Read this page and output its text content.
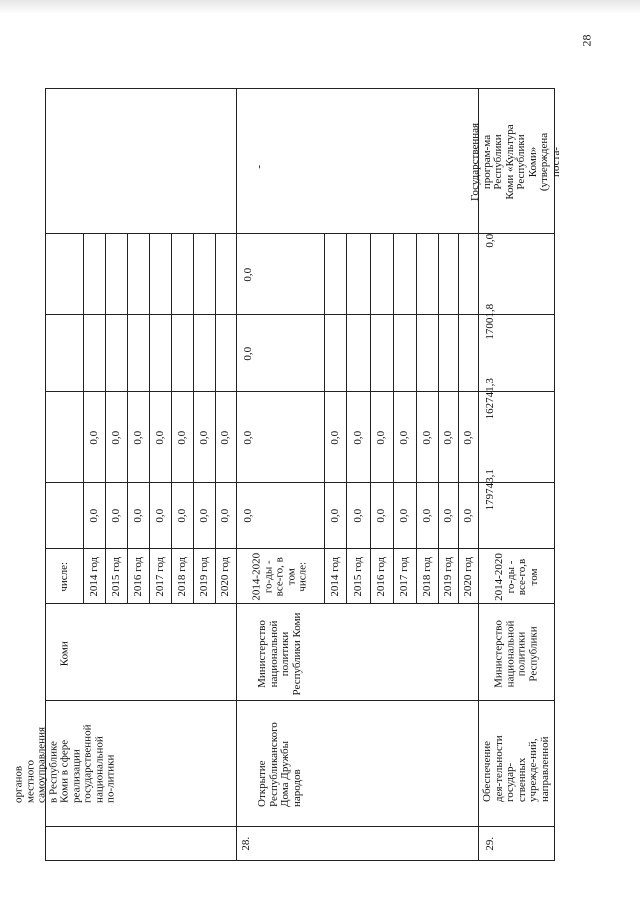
28
органов местного самоуправления в Республике Коми в сфере реализации государственной национальной по-литики
Коми
числе: 2014 год 2015 год 2016 год 2017 год 2018 год 2019 год 2020 год
0,0 0,0 0,0 0,0 0,0 0,0 0,0
0,0 0,0 0,0 0,0 0,0 0,0 0,0
28.
Открытие Республиканского Дома Дружбы народов
Министерство национальной политики Республики Коми
2014-2020 го-ды - все-го, в том числе:
0,0
0,0
0,0
0,0
-
2014 год 2015 год 2016 год 2017 год 2018 год 2019 год 2020 год
0,0 0,0 0,0 0,0 0,0 0,0 0,0
0,0 0,0 0,0 0,0 0,0 0,0 0,0
29.
Обеспечение дея-тельности государ-ственных учрежде-ний, направленной
Министерство национальной политики Республики
2014-2020 го-ды - все-го,в том
179743,1
162741,3
17001,8
0,0
Государственная програм-ма Республики Коми «Культура Республики Коми» (утверждена поста-
